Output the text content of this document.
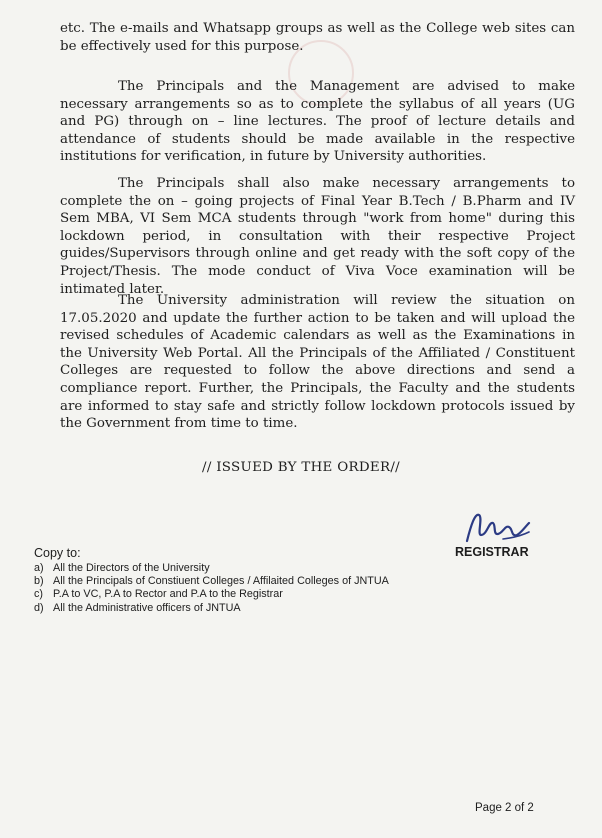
etc. The e-mails and Whatsapp groups as well as the College web sites can be effectively used for this purpose.

The Principals and the Management are advised to make necessary arrangements so as to complete the syllabus of all years (UG and PG) through on – line lectures. The proof of lecture details and attendance of students should be made available in the respective institutions for verification, in future by University authorities.

The Principals shall also make necessary arrangements to complete the on – going projects of Final Year B.Tech / B.Pharm and IV Sem MBA, VI Sem MCA students through "work from home" during this lockdown period, in consultation with their respective Project guides/Supervisors through online and get ready with the soft copy of the Project/Thesis. The mode conduct of Viva Voce examination will be intimated later.

The University administration will review the situation on 17.05.2020 and update the further action to be taken and will upload the revised schedules of Academic calendars as well as the Examinations in the University Web Portal. All the Principals of the Affiliated / Constituent Colleges are requested to follow the above directions and send a compliance report. Further, the Principals, the Faculty and the students are informed to stay safe and strictly follow lockdown protocols issued by the Government from time to time.

// ISSUED BY THE ORDER//
REGISTRAR
Copy to:
a) All the Directors of the University
b) All the Principals of Constiuent Colleges / Affilaited Colleges of JNTUA
c) P.A to VC, P.A to Rector and P.A to the Registrar
d) All the Administrative officers of JNTUA
Page 2 of 2
